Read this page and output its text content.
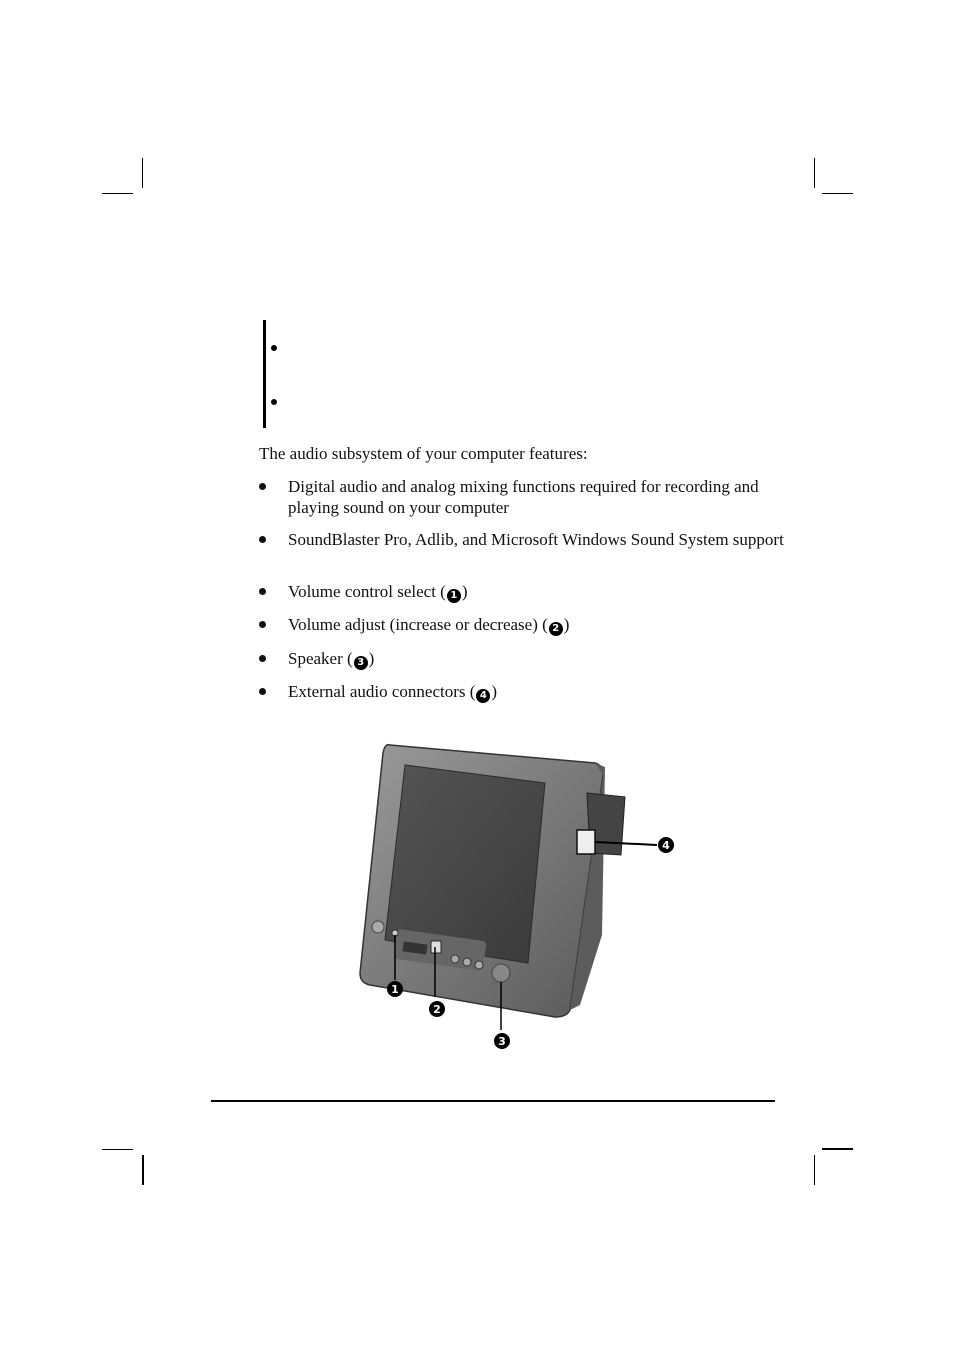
The audio subsystem of your computer features:
Digital audio and analog mixing functions required for recording and playing sound on your computer
SoundBlaster Pro, Adlib, and Microsoft Windows Sound System support
Volume control select ( 1 )
Volume adjust (increase or decrease) ( 2 )
Speaker ( 3 )
External audio connectors ( 4 )
1
2
3
4
